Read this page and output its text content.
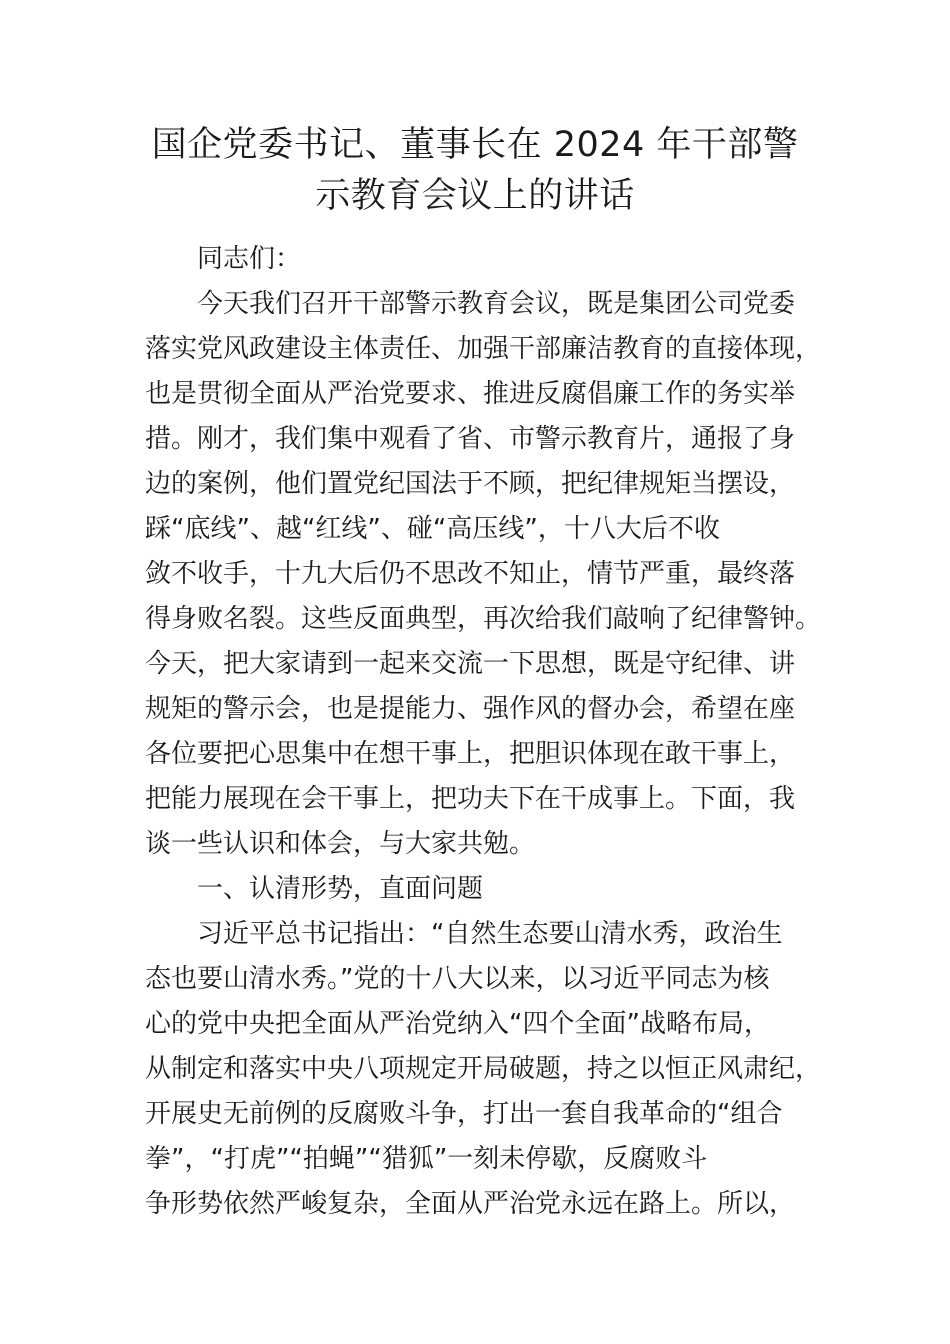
国企党委书记、董事长在 2024 年干部警
示教育会议上的讲话
同志们：
今天我们召开干部警示教育会议，既是集团公司党委
落实党风政建设主体责任、加强干部廉洁教育的直接体现，
也是贯彻全面从严治党要求、推进反腐倡廉工作的务实举
措。刚才，我们集中观看了省、市警示教育片，通报了身
边的案例，他们置党纪国法于不顾，把纪律规矩当摆设，
踩“底线”、越“红线”、碰“高压线”，十八大后不收
敛不收手，十九大后仍不思改不知止，情节严重，最终落
得身败名裂。这些反面典型，再次给我们敲响了纪律警钟。
今天，把大家请到一起来交流一下思想，既是守纪律、讲
规矩的警示会，也是提能力、强作风的督办会，希望在座
各位要把心思集中在想干事上，把胆识体现在敢干事上，
把能力展现在会干事上，把功夫下在干成事上。下面，我
谈一些认识和体会，与大家共勉。
一、认清形势，直面问题
习近平总书记指出：“自然生态要山清水秀，政治生
态也要山清水秀。”党的十八大以来，以习近平同志为核
心的党中央把全面从严治党纳入“四个全面”战略布局，
从制定和落实中央八项规定开局破题，持之以恒正风肃纪，
开展史无前例的反腐败斗争，打出一套自我革命的“组合
拳”，“打虎”“拍蝇”“猎狐”一刻未停歇，反腐败斗
争形势依然严峻复杂，全面从严治党永远在路上。所以，
